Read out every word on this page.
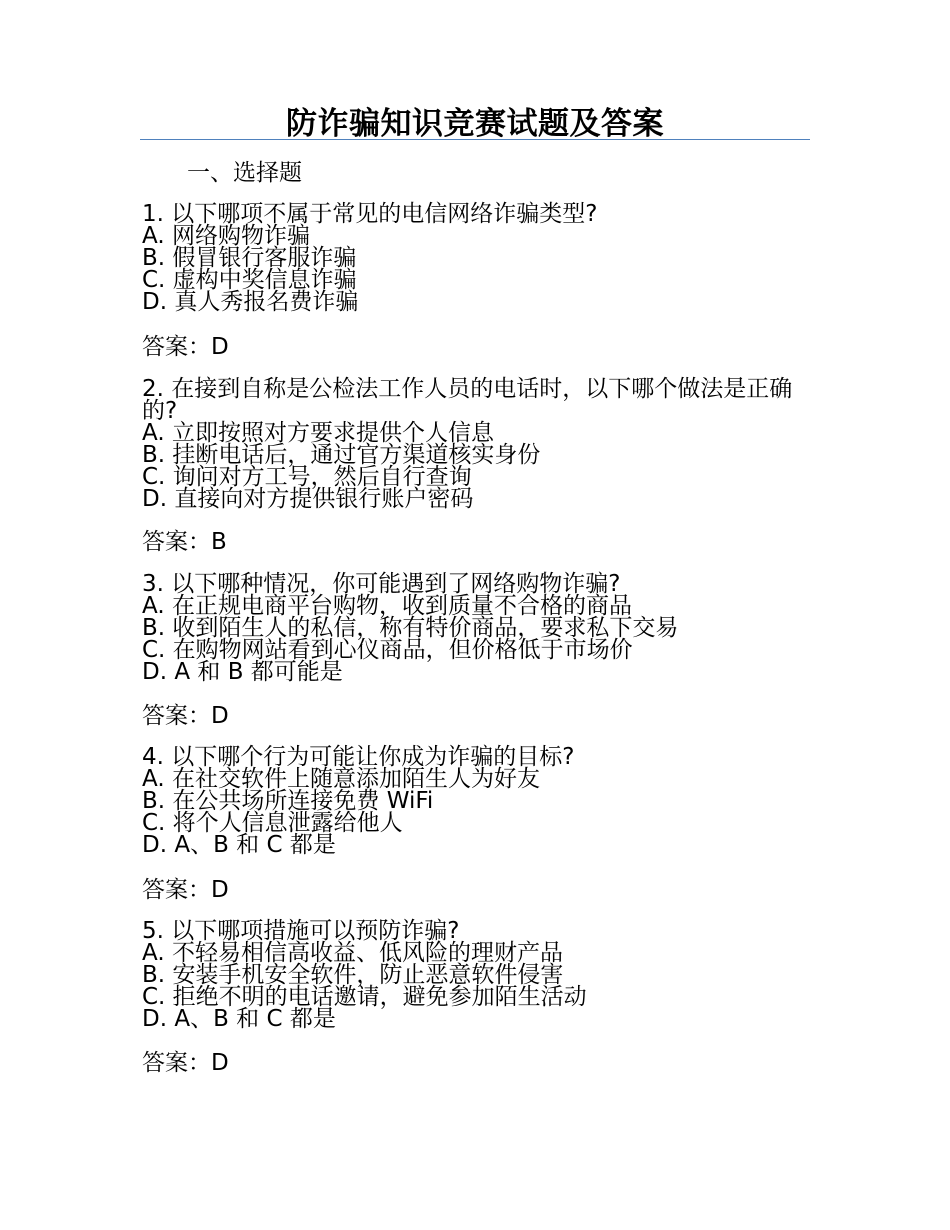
防诈骗知识竞赛试题及答案
一、选择题

1. 以下哪项不属于常见的电信网络诈骗类型?

A. 网络购物诈骗

B. 假冒银行客服诈骗

C. 虚构中奖信息诈骗

D. 真人秀报名费诈骗

答案：D

2. 在接到自称是公检法工作人员的电话时，以下哪个做法是正确的?

A. 立即按照对方要求提供个人信息

B. 挂断电话后，通过官方渠道核实身份

C. 询问对方工号，然后自行查询

D. 直接向对方提供银行账户密码

答案：B

3. 以下哪种情况，你可能遇到了网络购物诈骗?

A. 在正规电商平台购物，收到质量不合格的商品

B. 收到陌生人的私信，称有特价商品，要求私下交易

C. 在购物网站看到心仪商品，但价格低于市场价

D. A 和 B 都可能是

答案：D

4. 以下哪个行为可能让你成为诈骗的目标?

A. 在社交软件上随意添加陌生人为好友

B. 在公共场所连接免费 WiFi

C. 将个人信息泄露给他人

D. A、B 和 C 都是

答案：D

5. 以下哪项措施可以预防诈骗?

A. 不轻易相信高收益、低风险的理财产品

B. 安装手机安全软件，防止恶意软件侵害

C. 拒绝不明的电话邀请，避免参加陌生活动

D. A、B 和 C 都是

答案：D
